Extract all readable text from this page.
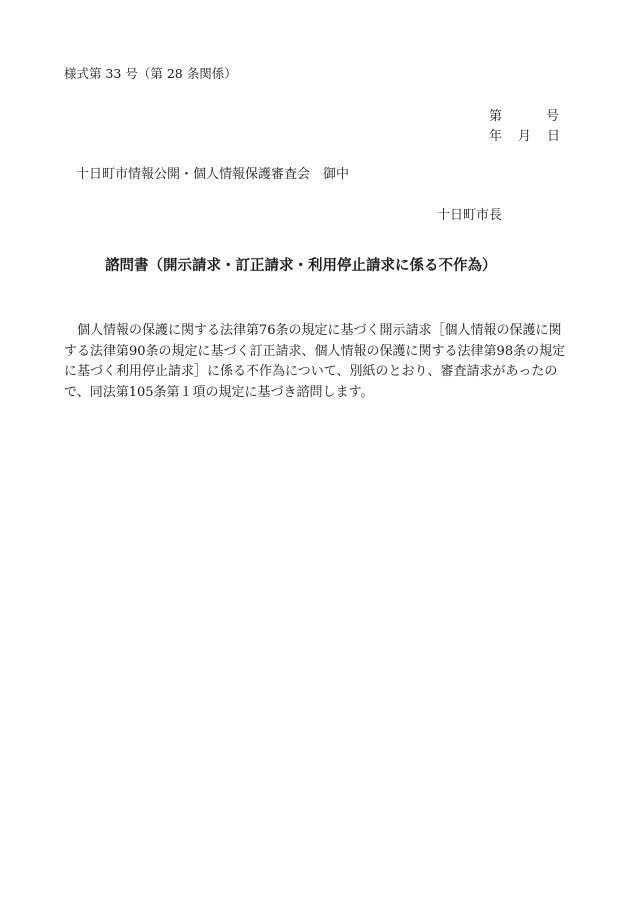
様式第 33 号（第 28 条関係）
第	号
年 月 日
十日町市情報公開・個人情報保護審査会 御中
十日町市長
諮問書（開示請求・訂正請求・利用停止請求に係る不作為）
個人情報の保護に関する法律第76条の規定に基づく開示請求［個人情報の保護に関
する法律第90条の規定に基づく訂正請求、個人情報の保護に関する法律第98条の規定
に基づく利用停止請求］に係る不作為について、別紙のとおり、審査請求があったの
で、同法第105条第１項の規定に基づき諮問します。
